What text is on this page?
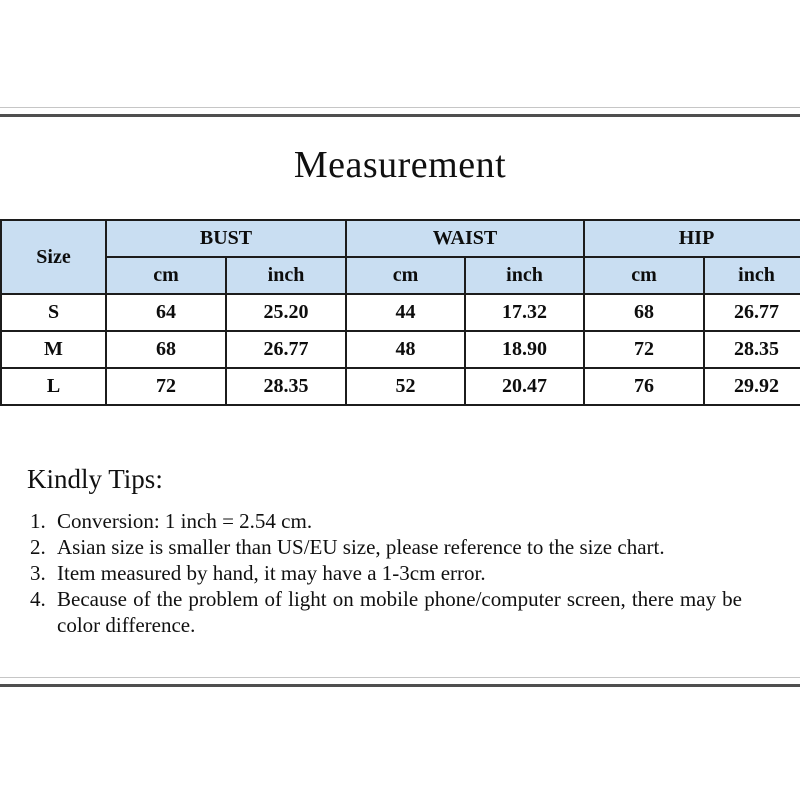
Measurement
Size	BUST		WAIST		HIP	
	cm	inch	cm	inch	cm	inch
S	64	25.20	44	17.32	68	26.77
M	68	26.77	48	18.90	72	28.35
L	72	28.35	52	20.47	76	29.92
Kindly Tips:
1. Conversion: 1 inch = 2.54 cm.
2. Asian size is smaller than US/EU size, please reference to the size chart.
3. Item measured by hand, it may have a 1-3cm error.
4. Because of the problem of light on mobile phone/computer screen, there may be
color difference.
